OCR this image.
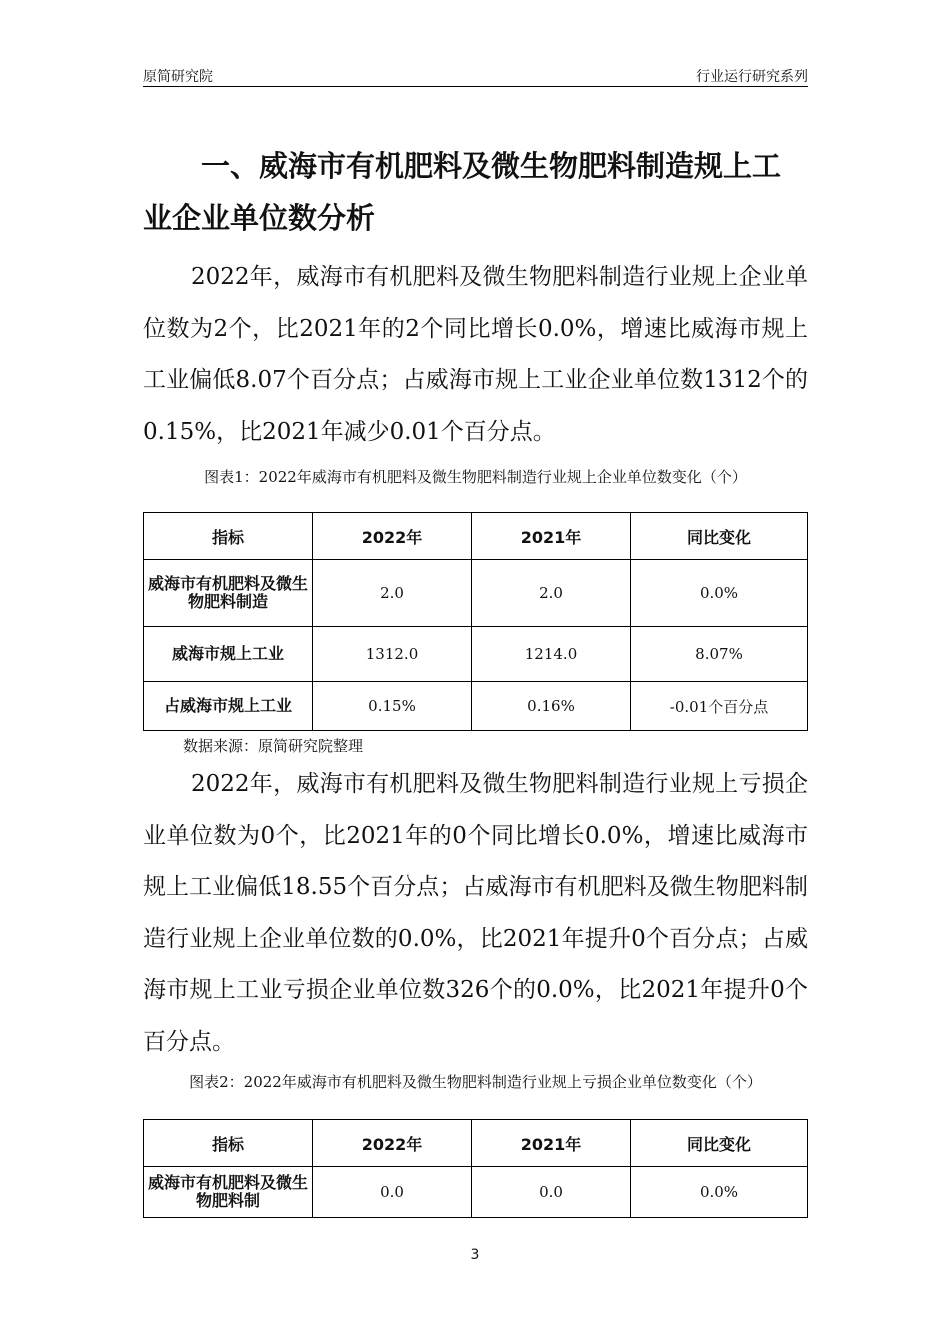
原简研究院	行业运行研究系列
一、威海市有机肥料及微生物肥料制造规上工业企业单位数分析
2022年，威海市有机肥料及微生物肥料制造行业规上企业单位数为2个，比2021年的2个同比增长0.0%，增速比威海市规上工业偏低8.07个百分点；占威海市规上工业企业单位数1312个的0.15%，比2021年减少0.01个百分点。
图表1：2022年威海市有机肥料及微生物肥料制造行业规上企业单位数变化（个）
指标	2022年	2021年	同比变化
威海市有机肥料及微生物肥料制造	2.0	2.0	0.0%
威海市规上工业	1312.0	1214.0	8.07%
占威海市规上工业	0.15%	0.16%	-0.01个百分点
数据来源：原简研究院整理
2022年，威海市有机肥料及微生物肥料制造行业规上亏损企业单位数为0个，比2021年的0个同比增长0.0%，增速比威海市规上工业偏低18.55个百分点；占威海市有机肥料及微生物肥料制造行业规上企业单位数的0.0%，比2021年提升0个百分点；占威海市规上工业亏损企业单位数326个的0.0%，比2021年提升0个百分点。
图表2：2022年威海市有机肥料及微生物肥料制造行业规上亏损企业单位数变化（个）
指标	2022年	2021年	同比变化
威海市有机肥料及微生物肥料制	0.0	0.0	0.0%
3
